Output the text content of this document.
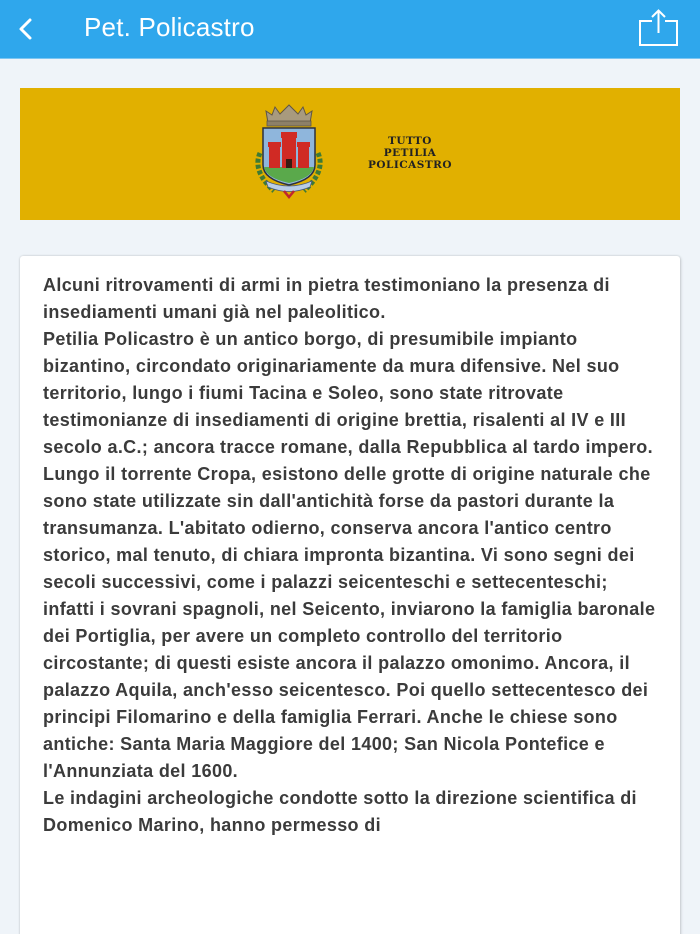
Pet. Policastro
TUTTO
PETILIA
POLICASTRO

Alcuni ritrovamenti di armi in pietra testimoniano la presenza di insediamenti umani già nel paleolitico.

Petilia Policastro è un antico borgo, di presumibile impianto bizantino, circondato originariamente da mura difensive. Nel suo territorio, lungo i fiumi Tacina e Soleo, sono state ritrovate testimonianze di insediamenti di origine brettia, risalenti al IV e III secolo a.C.; ancora tracce romane, dalla Repubblica al tardo impero. Lungo il torrente Cropa, esistono delle grotte di origine naturale che sono state utilizzate sin dall'antichità forse da pastori durante la transumanza. L'abitato odierno, conserva ancora l'antico centro storico, mal tenuto, di chiara impronta bizantina. Vi sono segni dei secoli successivi, come i palazzi seicenteschi e settecenteschi; infatti i sovrani spagnoli, nel Seicento, inviarono la famiglia baronale dei Portiglia, per avere un completo controllo del territorio circostante; di questi esiste ancora il palazzo omonimo. Ancora, il palazzo Aquila, anch'esso seicentesco. Poi quello settecentesco dei principi Filomarino e della famiglia Ferrari. Anche le chiese sono antiche: Santa Maria Maggiore del 1400; San Nicola Pontefice e l'Annunziata del 1600.

Le indagini archeologiche condotte sotto la direzione scientifica di Domenico Marino, hanno permesso di
